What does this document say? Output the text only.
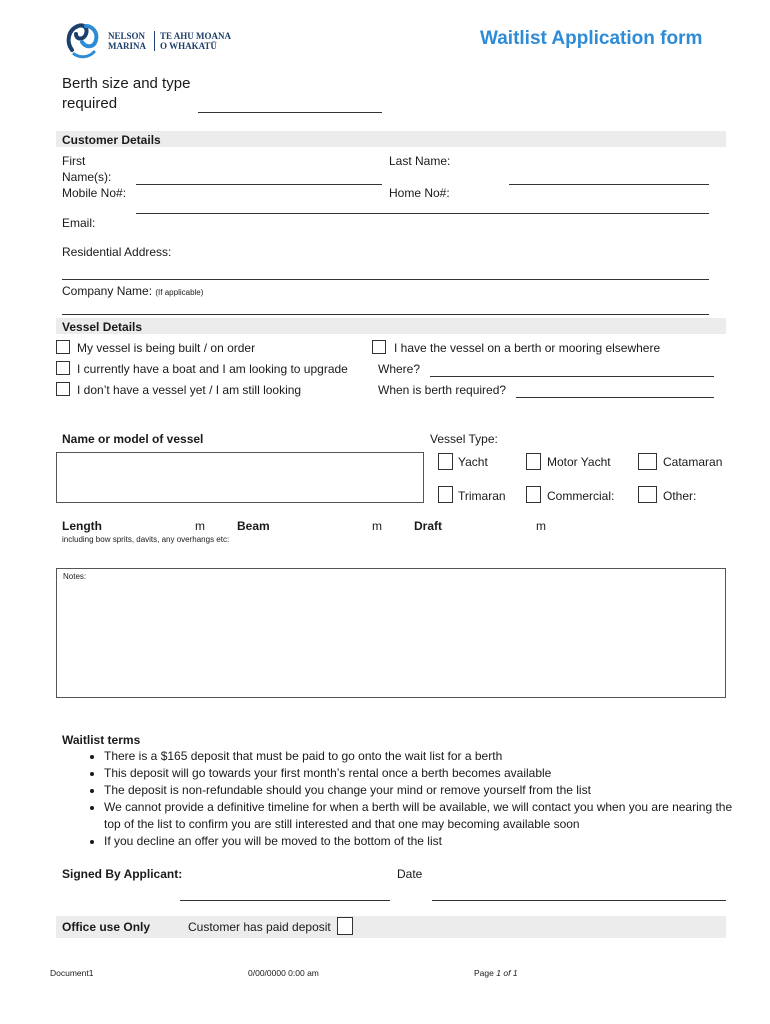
NELSON
MARINA
TE AHU MOANA
O WHAKATŪ	Waitlist Application form
Berth size and type
required
Customer Details
First
Name(s):
Last Name:
Mobile No#:	Home No#:
Email:
Residential Address:
Company Name: (If applicable)
Vessel Details
My vessel is being built / on order
I currently have a boat and I am looking to upgrade
I don’t have a vessel yet / I am still looking
I have the vessel on a berth or mooring elsewhere
Where?
When is berth required?
Name or model of vessel	Vessel Type:
Yacht	Motor Yacht	Catamaran
Trimaran	Commercial:	Other:
Length	m	Beam	m	Draft	m
including bow sprits, davits, any overhangs etc:
Notes:
Waitlist terms
• There is a $165 deposit that must be paid to go onto the wait list for a berth
• This deposit will go towards your first month’s rental once a berth becomes available
• The deposit is non-refundable should you change your mind or remove yourself from the list
• We cannot provide a definitive timeline for when a berth will be available, we will contact you when you are nearing the top of the list to confirm you are still interested and that one may becoming available soon
• If you decline an offer you will be moved to the bottom of the list
Signed By Applicant:	Date
Office use Only	Customer has paid deposit
Document1	0/00/0000 0:00 am	Page 1 of 1
